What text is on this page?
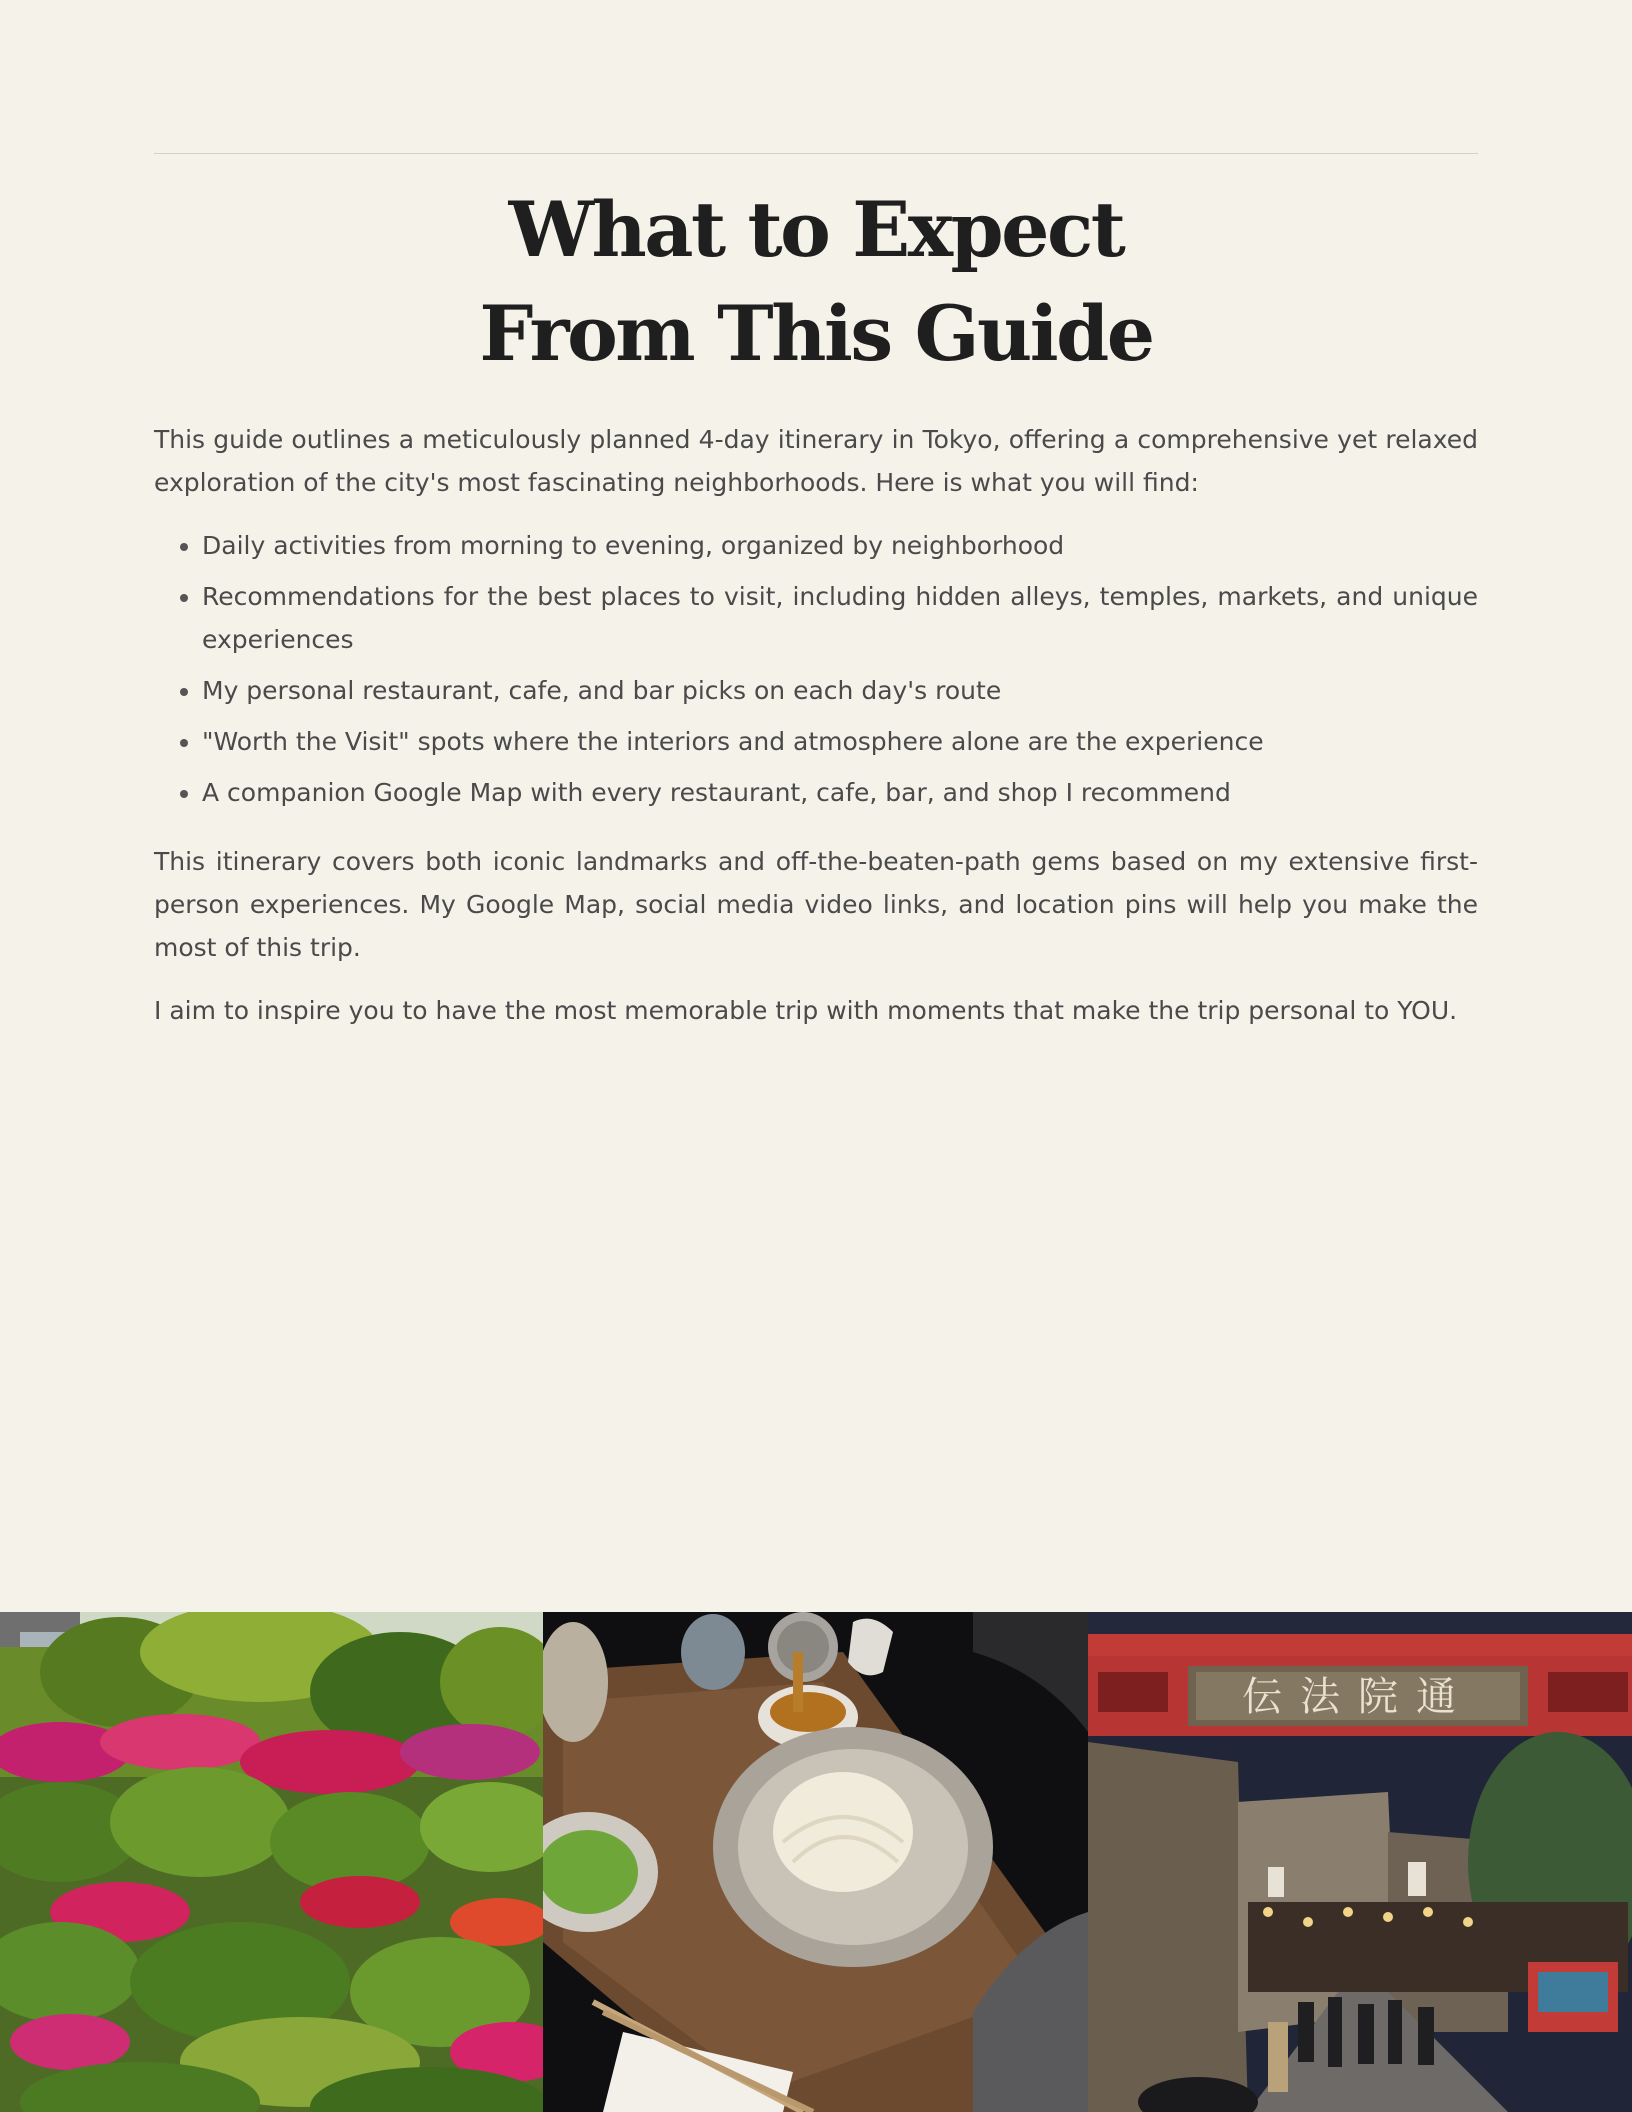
What to Expect
From This Guide

This guide outlines a meticulously planned 4-day itinerary in Tokyo, offering a comprehensive yet relaxed exploration of the city's most fascinating neighborhoods. Here is what you will find:

• Daily activities from morning to evening, organized by neighborhood
• Recommendations for the best places to visit, including hidden alleys, temples, markets, and unique experiences
• My personal restaurant, cafe, and bar picks on each day's route
• "Worth the Visit" spots where the interiors and atmosphere alone are the experience
• A companion Google Map with every restaurant, cafe, bar, and shop I recommend

This itinerary covers both iconic landmarks and off-the-beaten-path gems based on my extensive first-person experiences. My Google Map, social media video links, and location pins will help you make the most of this trip.

I aim to inspire you to have the most memorable trip with moments that make the trip personal to YOU.

伝法院通
